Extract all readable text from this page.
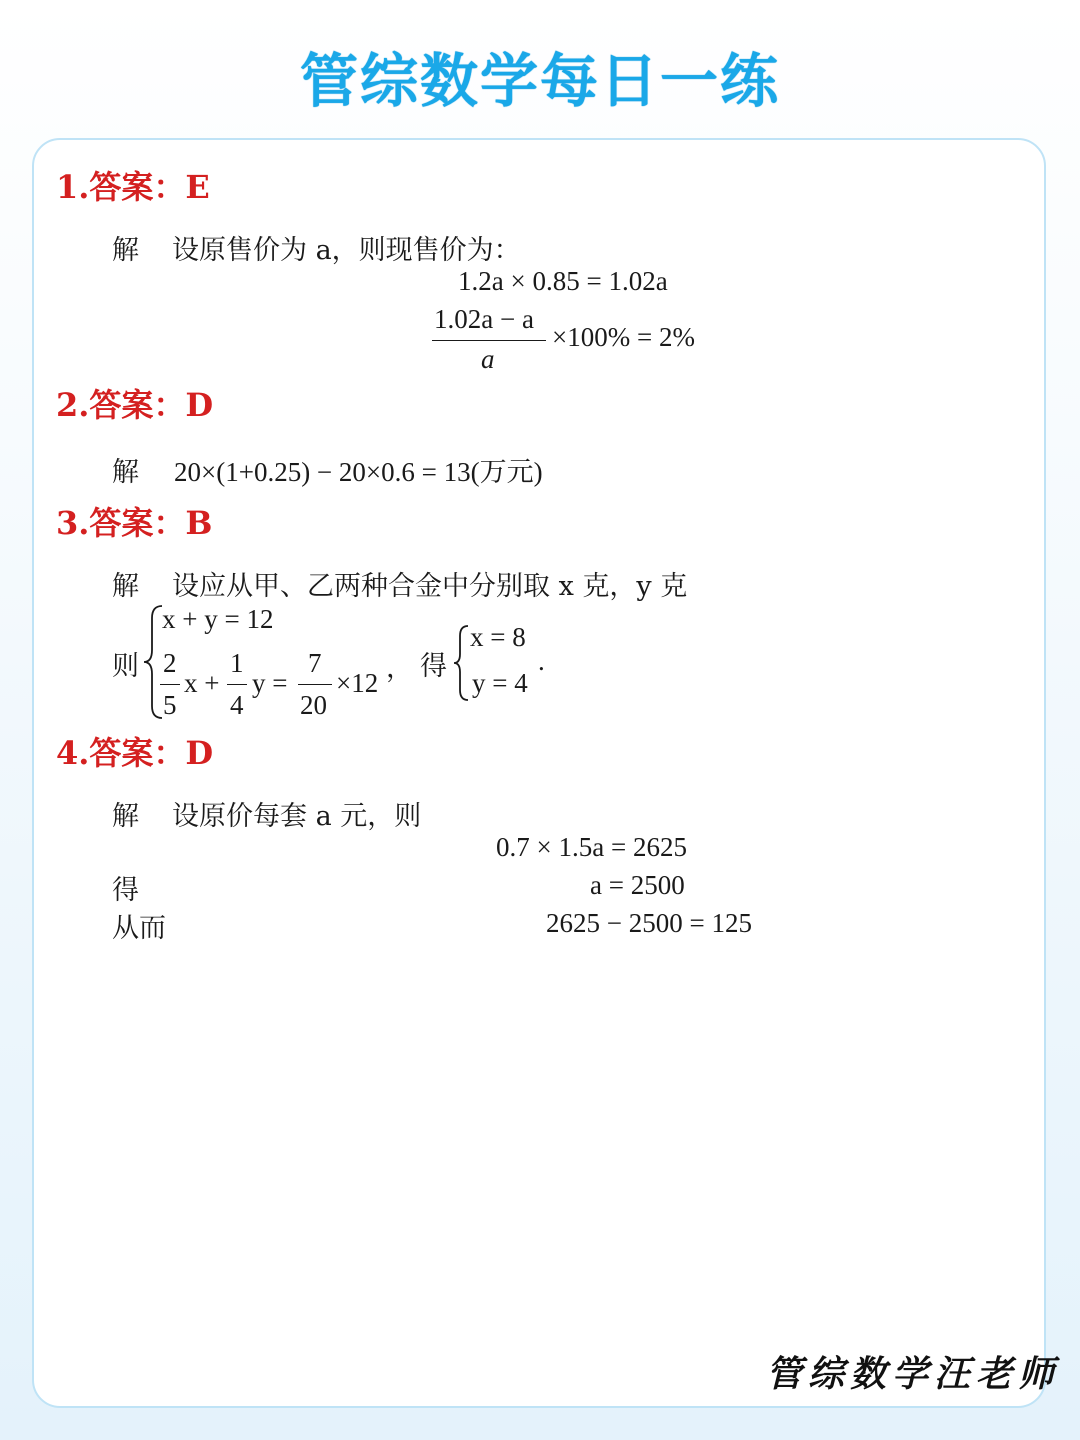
管综数学每日一练
1.答案：E
解 设原售价为 a，则现售价为：
1.2a × 0.85 = 1.02a
1.02a − a
a
×100% = 2%
2.答案：D
解 20×(1+0.25) − 20×0.6 = 13(万元)
3.答案：B
解 设应从甲、乙两种合金中分别取 x 克，y 克
则
x + y = 12
2
5
x +
1
4
y =
7
20
×12 ， 得
x = 8
y = 4
.
4.答案：D
解 设原价每套 a 元，则
0.7 × 1.5a = 2625
得	a = 2500
从而	2625 − 2500 = 125
管综数学汪老师
